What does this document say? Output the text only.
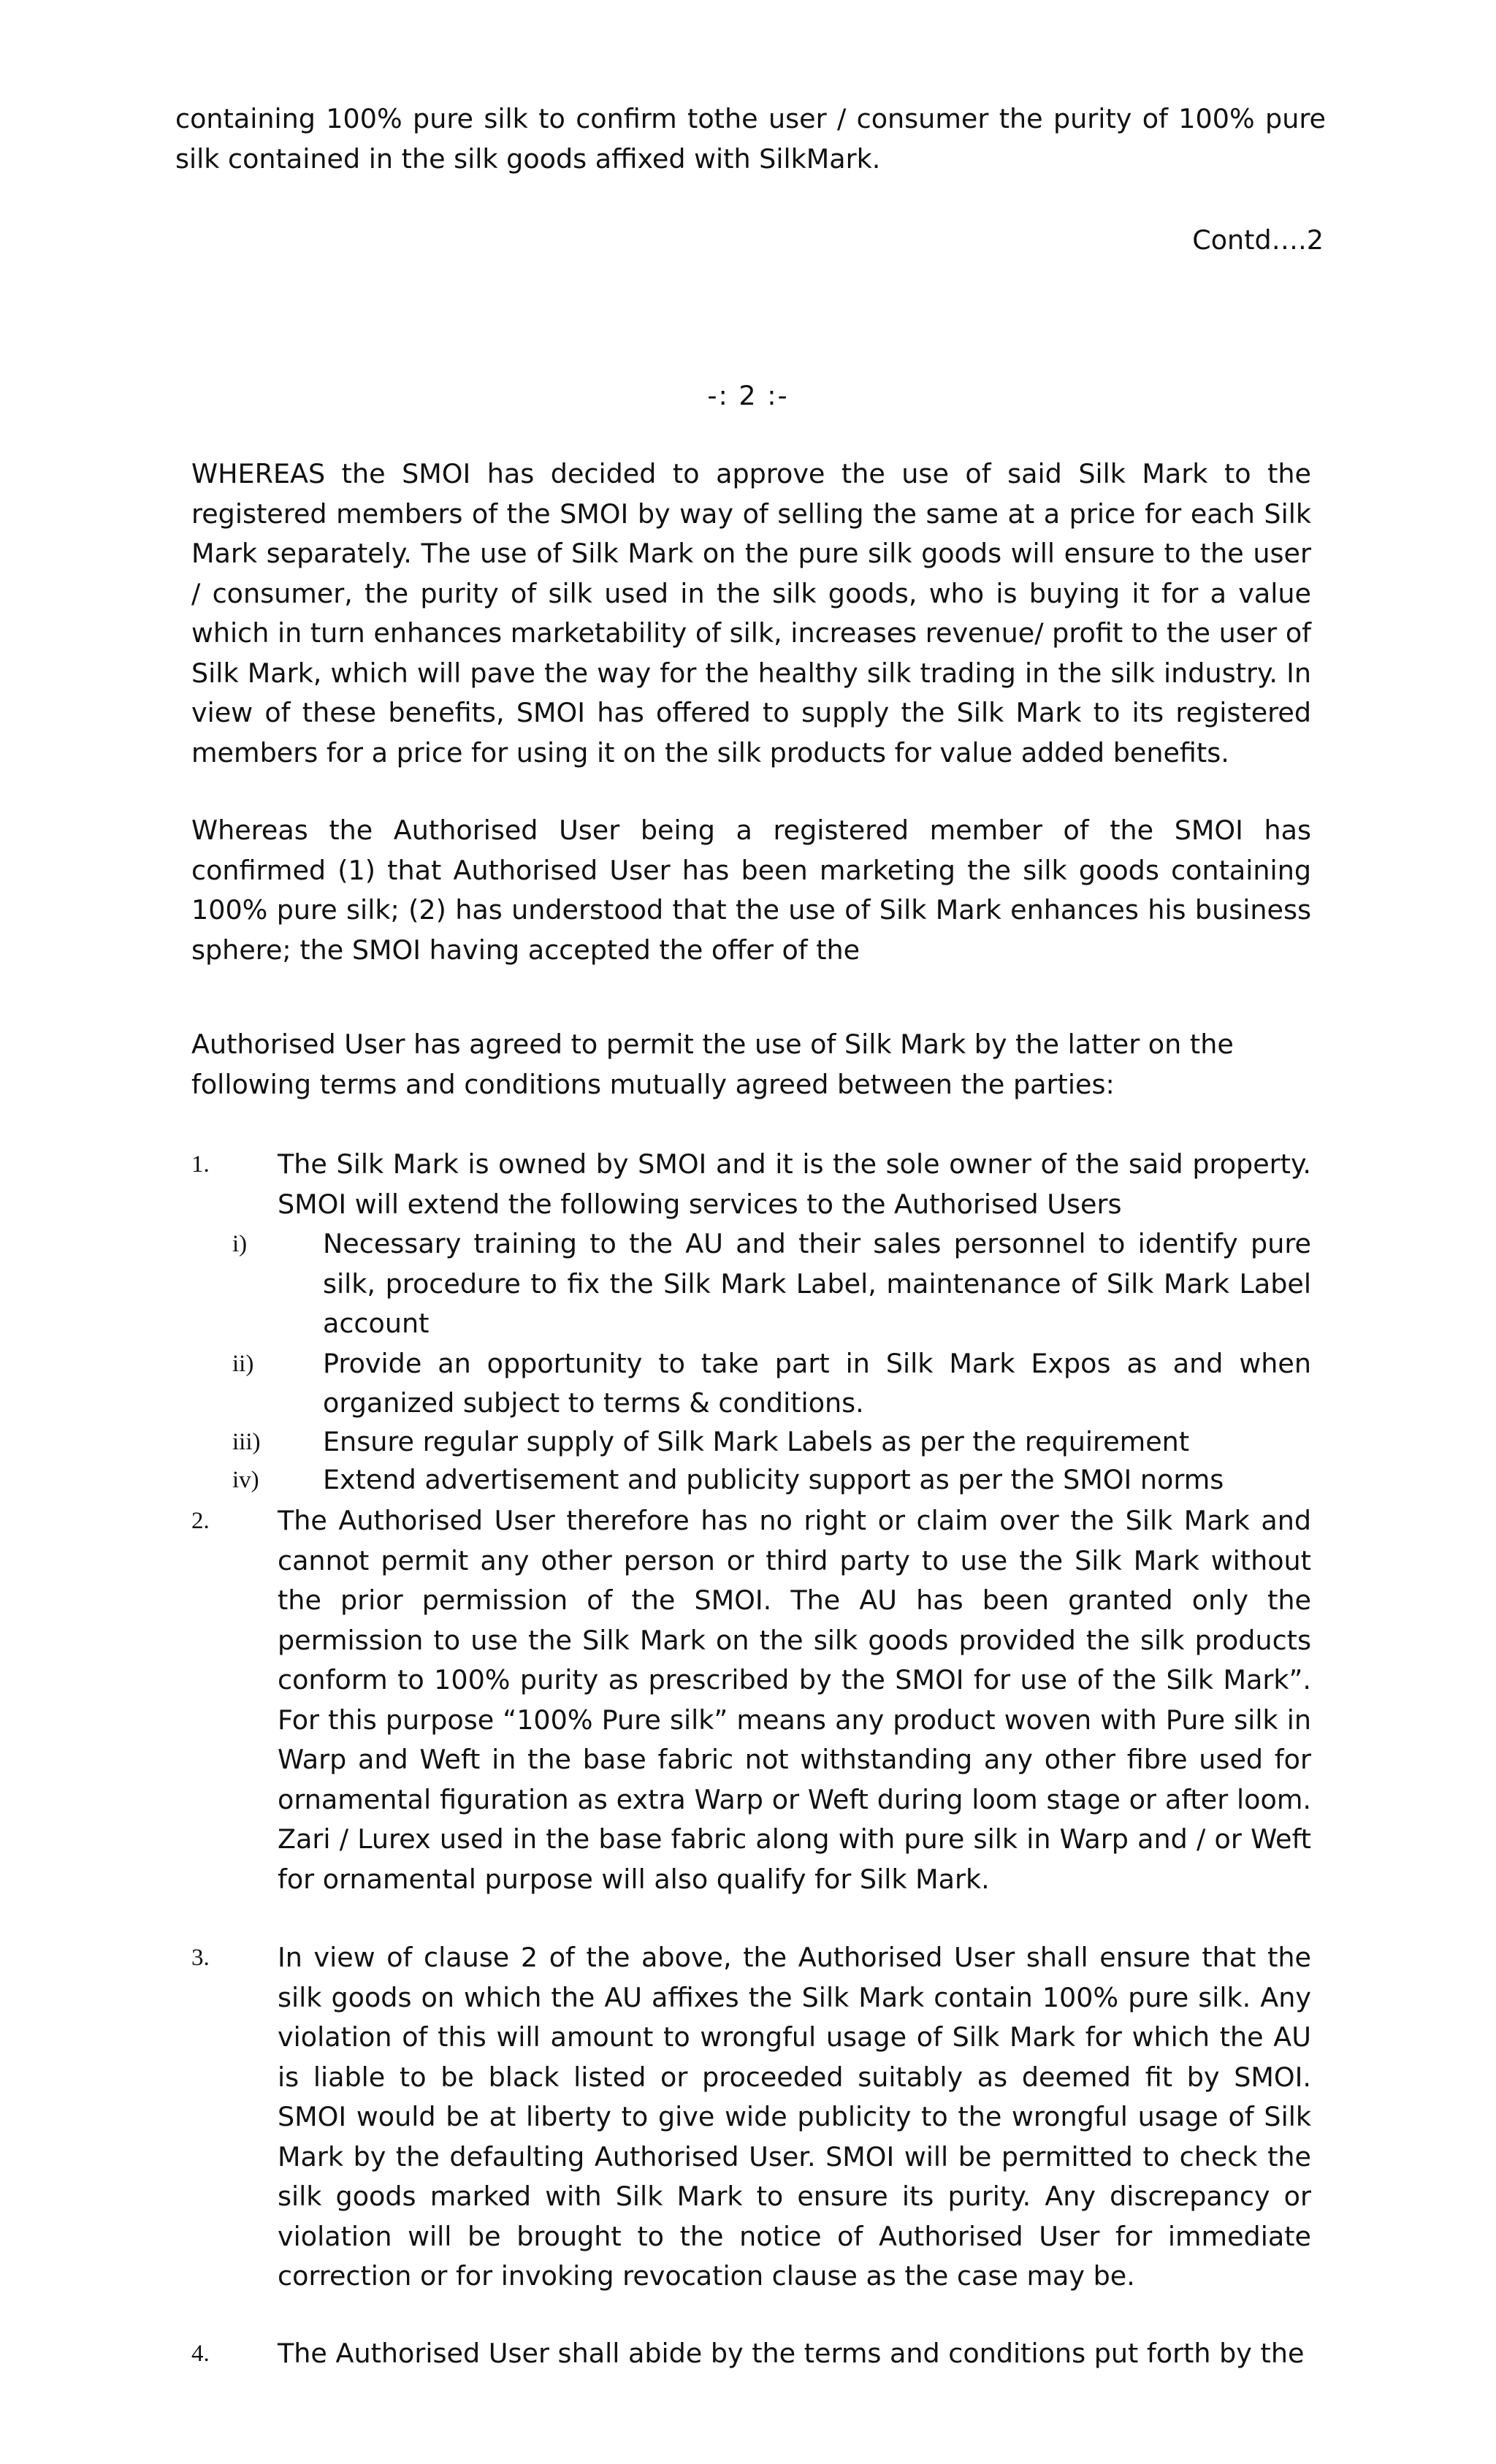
containing 100% pure silk to confirm tothe user / consumer the purity of 100% pure silk contained in the silk goods affixed with SilkMark.
Contd….2
-: 2 :-
WHEREAS the SMOI has decided to approve the use of said Silk Mark to the registered members of the SMOI by way of selling the same at a price for each Silk Mark separately. The use of Silk Mark on the pure silk goods will ensure to the user / consumer, the purity of silk used in the silk goods, who is buying it for a value which in turn enhances marketability of silk, increases revenue/ profit to the user of Silk Mark, which will pave the way for the healthy silk trading in the silk industry. In view of these benefits, SMOI has offered to supply the Silk Mark to its registered members for a price for using it on the silk products for value added benefits.
Whereas the Authorised User being a registered member of the SMOI has confirmed (1) that Authorised User has been marketing the silk goods containing 100% pure silk; (2) has understood that the use of Silk Mark enhances his business sphere; the SMOI having accepted the offer of the
Authorised User has agreed to permit the use of Silk Mark by the latter on the following terms and conditions mutually agreed between the parties:
1.	The Silk Mark is owned by SMOI and it is the sole owner of the said property. SMOI will extend the following services to the Authorised Users
i)	Necessary training to the AU and their sales personnel to identify pure silk, procedure to fix the Silk Mark Label, maintenance of Silk Mark Label account
ii)	Provide an opportunity to take part in Silk Mark Expos as and when organized subject to terms & conditions.
iii) Ensure regular supply of Silk Mark Labels as per the requirement
iv) Extend advertisement and publicity support as per the SMOI norms
2.	The Authorised User therefore has no right or claim over the Silk Mark and cannot permit any other person or third party to use the Silk Mark without the prior permission of the SMOI. The AU has been granted only the permission to use the Silk Mark on the silk goods provided the silk products conform to 100% purity as prescribed by the SMOI for use of the Silk Mark”. For this purpose “100% Pure silk” means any product woven with Pure silk in Warp and Weft in the base fabric not withstanding any other fibre used for ornamental figuration as extra Warp or Weft during loom stage or after loom. Zari / Lurex used in the base fabric along with pure silk in Warp and / or Weft for ornamental purpose will also qualify for Silk Mark.
3.	In view of clause 2 of the above, the Authorised User shall ensure that the silk goods on which the AU affixes the Silk Mark contain 100% pure silk. Any violation of this will amount to wrongful usage of Silk Mark for which the AU is liable to be black listed or proceeded suitably as deemed fit by SMOI. SMOI would be at liberty to give wide publicity to the wrongful usage of Silk Mark by the defaulting Authorised User. SMOI will be permitted to check the silk goods marked with Silk Mark to ensure its purity. Any discrepancy or violation will be brought to the notice of Authorised User for immediate correction or for invoking revocation clause as the case may be.
4.	The Authorised User shall abide by the terms and conditions put forth by the
